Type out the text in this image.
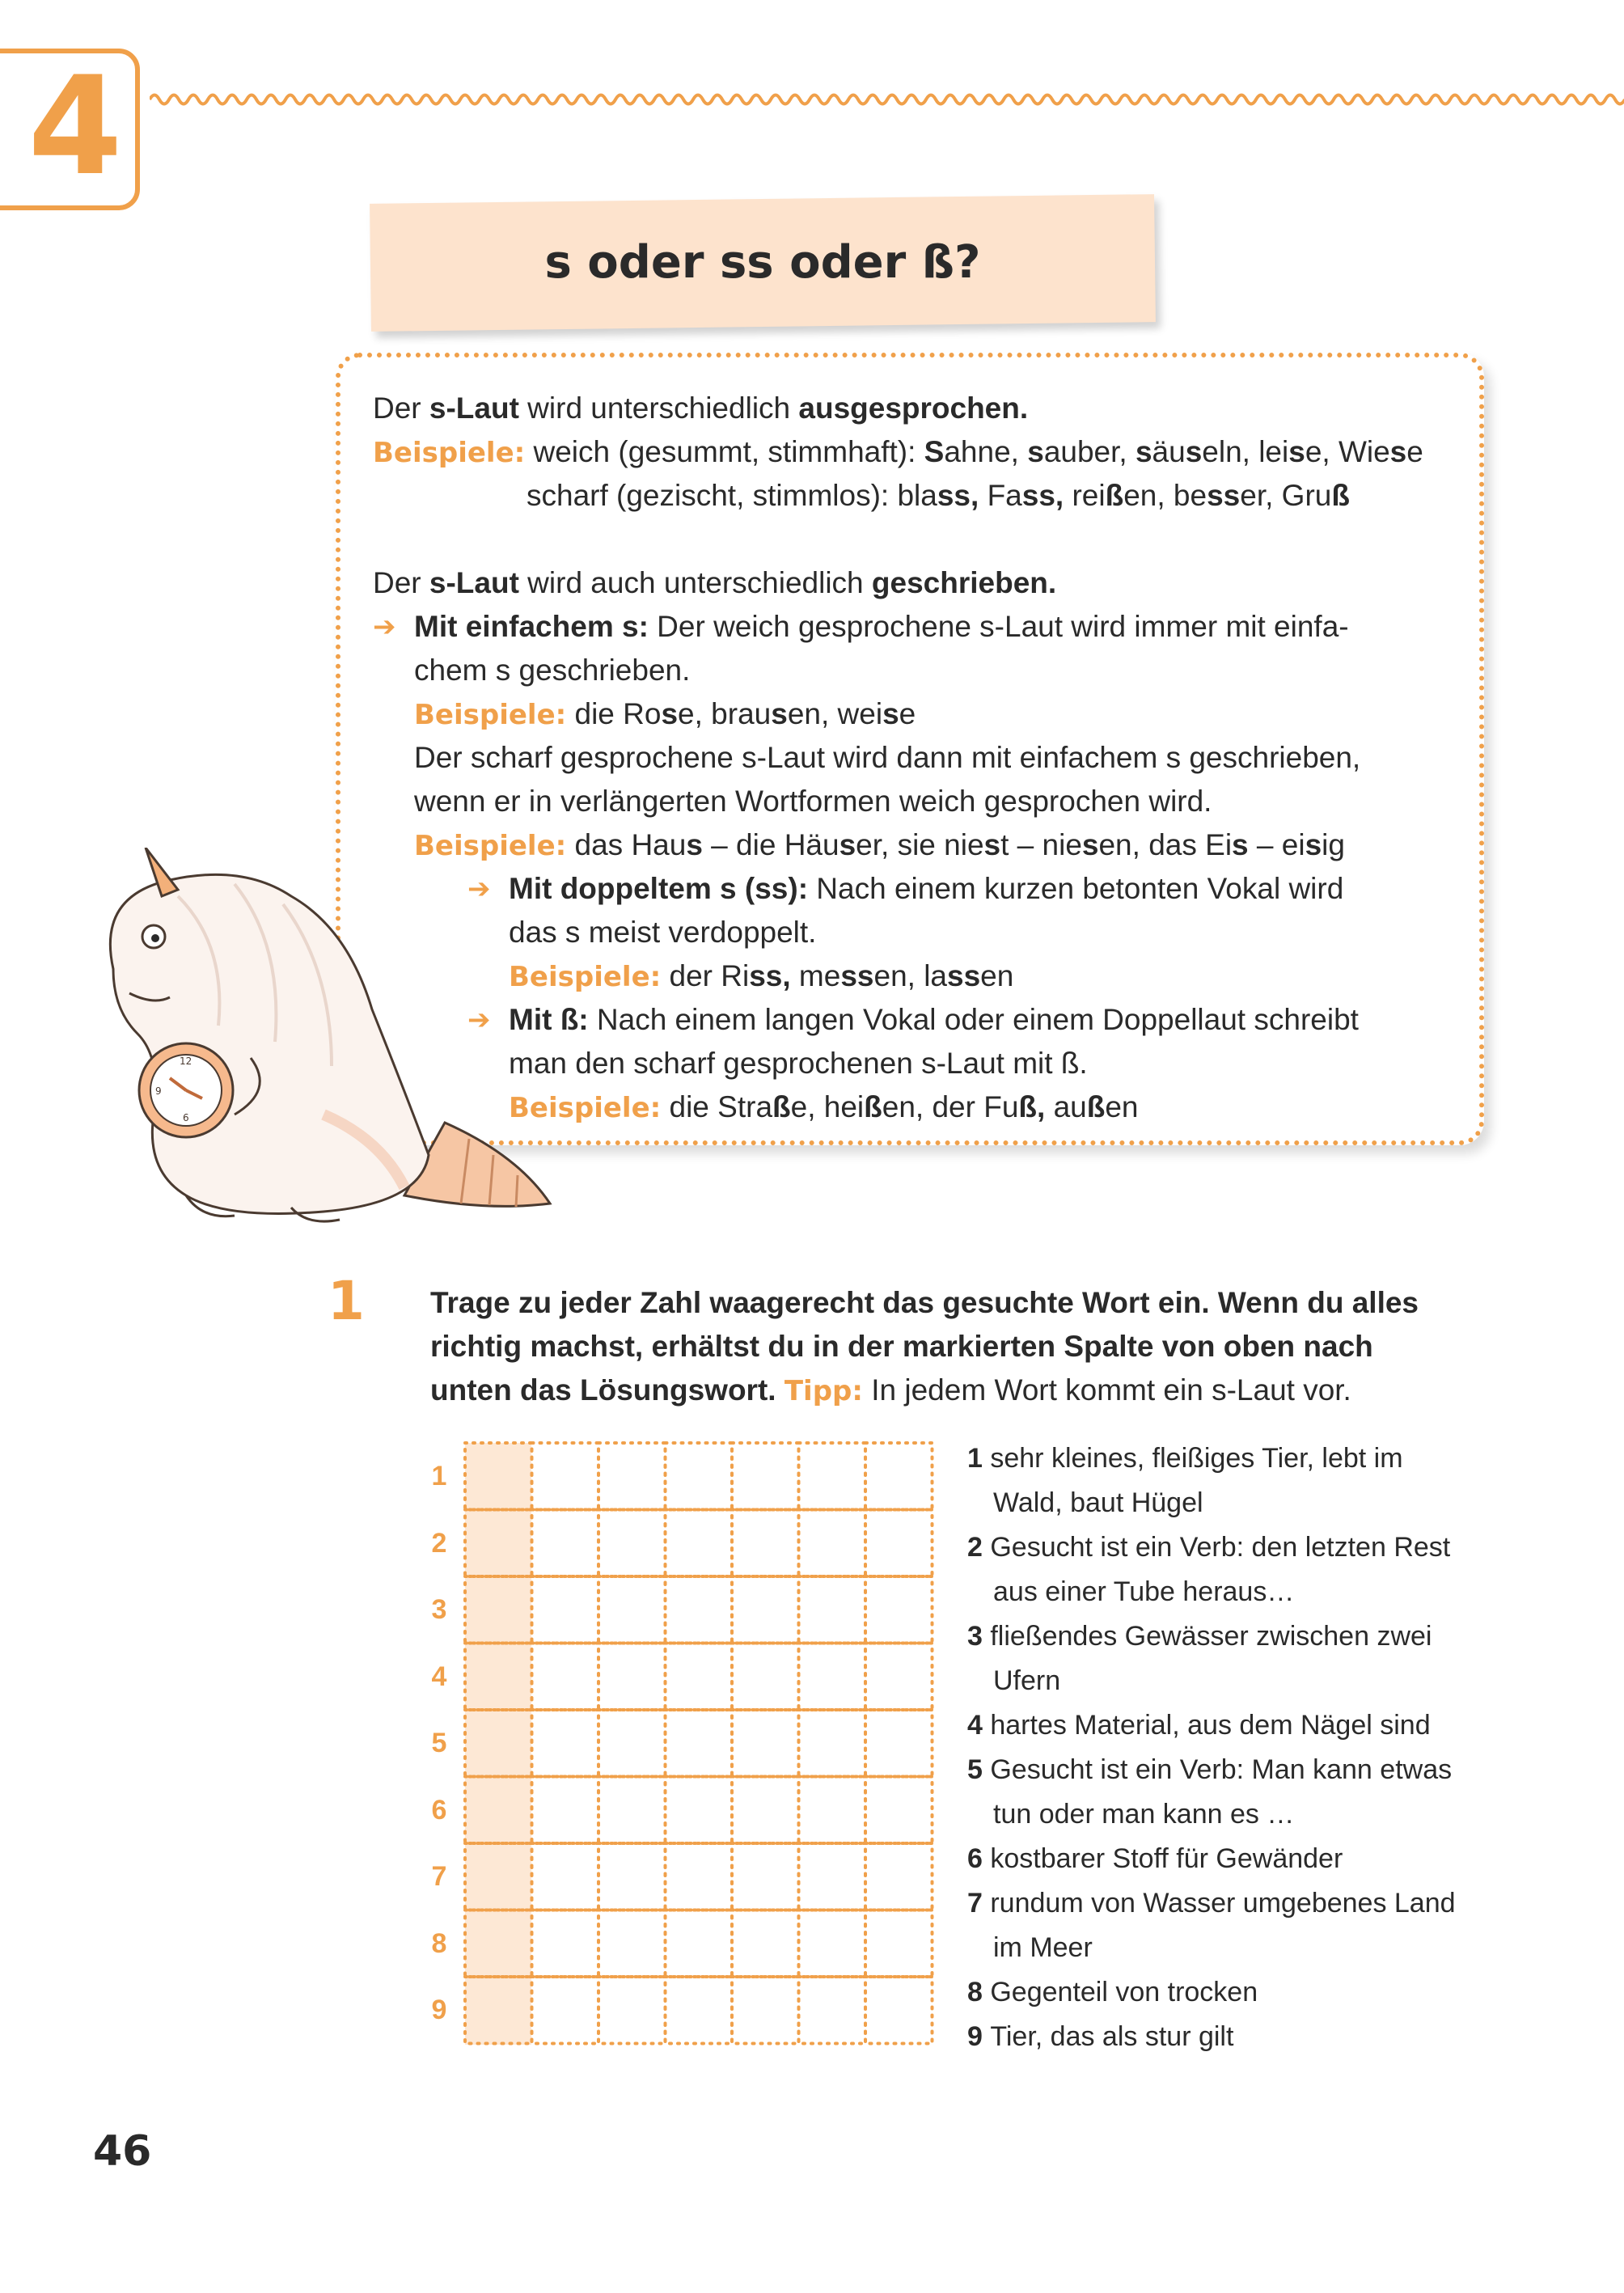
4
s oder ss oder ß?
Der s-Laut wird unterschiedlich ausgesprochen.
Beispiele: weich (gesummt, stimmhaft): Sahne, sauber, säuseln, leise, Wiese
scharf (gezischt, stimmlos): blass, Fass, reißen, besser, Gruß
Der s-Laut wird auch unterschiedlich geschrieben.
➔ Mit einfachem s: Der weich gesprochene s-Laut wird immer mit einfa-
chem s geschrieben.
Beispiele: die Rose, brausen, weise
Der scharf gesprochene s-Laut wird dann mit einfachem s geschrieben,
wenn er in verlängerten Wortformen weich gesprochen wird.
Beispiele: das Haus – die Häuser, sie niest – niesen, das Eis – eisig
➔ Mit doppeltem s (ss): Nach einem kurzen betonten Vokal wird
das s meist verdoppelt.
Beispiele: der Riss, messen, lassen
➔ Mit ß: Nach einem langen Vokal oder einem Doppellaut schreibt
man den scharf gesprochenen s-Laut mit ß.
Beispiele: die Straße, heißen, der Fuß, außen
12
9
6
1 Trage zu jeder Zahl waagerecht das gesuchte Wort ein. Wenn du alles
richtig machst, erhältst du in der markierten Spalte von oben nach
unten das Lösungswort. Tipp: In jedem Wort kommt ein s-Laut vor.
1
2
3
4
5
6
7
8
9
1 sehr kleines, fleißiges Tier, lebt im
Wald, baut Hügel
2 Gesucht ist ein Verb: den letzten Rest
aus einer Tube heraus…
3 fließendes Gewässer zwischen zwei
Ufern
4 hartes Material, aus dem Nägel sind
5 Gesucht ist ein Verb: Man kann etwas
tun oder man kann es …
6 kostbarer Stoff für Gewänder
7 rundum von Wasser umgebenes Land
im Meer
8 Gegenteil von trocken
9 Tier, das als stur gilt
46
